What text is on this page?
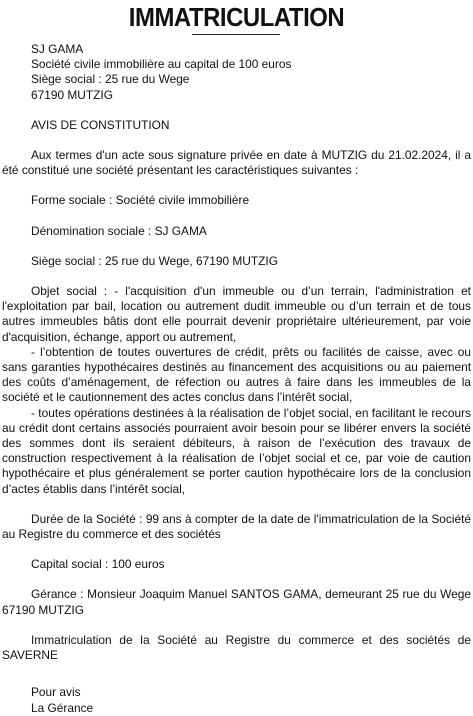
IMMATRICULATION

SJ GAMA

Société civile immobilière au capital de 100 euros

Siège social : 25 rue du Wege

67190 MUTZIG

AVIS DE CONSTITUTION

Aux termes d'un acte sous signature privée en date à MUTZIG du 21.02.2024, il a été constitué une société présentant les caractéristiques suivantes :

Forme sociale : Société civile immobilière

Dénomination sociale : SJ GAMA

Siège social : 25 rue du Wege, 67190 MUTZIG

Objet social : - l'acquisition d'un immeuble ou d’un terrain, l'administration et l'exploitation par bail, location ou autrement dudit immeuble ou d’un terrain et de tous autres immeubles bâtis dont elle pourrait devenir propriétaire ultérieurement, par voie d'acquisition, échange, apport ou autrement,

- l’obtention de toutes ouvertures de crédit, prêts ou facilités de caisse, avec ou sans garanties hypothécaires destinés au financement des acquisitions ou au paiement des coûts d’aménagement, de réfection ou autres à faire dans les immeubles de la société et le cautionnement des actes conclus dans l’intérêt social,

- toutes opérations destinées à la réalisation de l’objet social, en facilitant le recours au crédit dont certains associés pourraient avoir besoin pour se libérer envers la société des sommes dont ils seraient débiteurs, à raison de l’exécution des travaux de construction respectivement à la réalisation de l’objet social et ce, par voie de caution hypothécaire et plus généralement se porter caution hypothécaire lors de la conclusion d’actes établis dans l’intérêt social,

Durée de la Société : 99 ans à compter de la date de l'immatriculation de la Société au Registre du commerce et des sociétés

Capital social : 100 euros

Gérance : Monsieur Joaquim Manuel SANTOS GAMA, demeurant 25 rue du Wege 67190 MUTZIG

Immatriculation de la Société au Registre du commerce et des sociétés de SAVERNE

Pour avis

La Gérance
